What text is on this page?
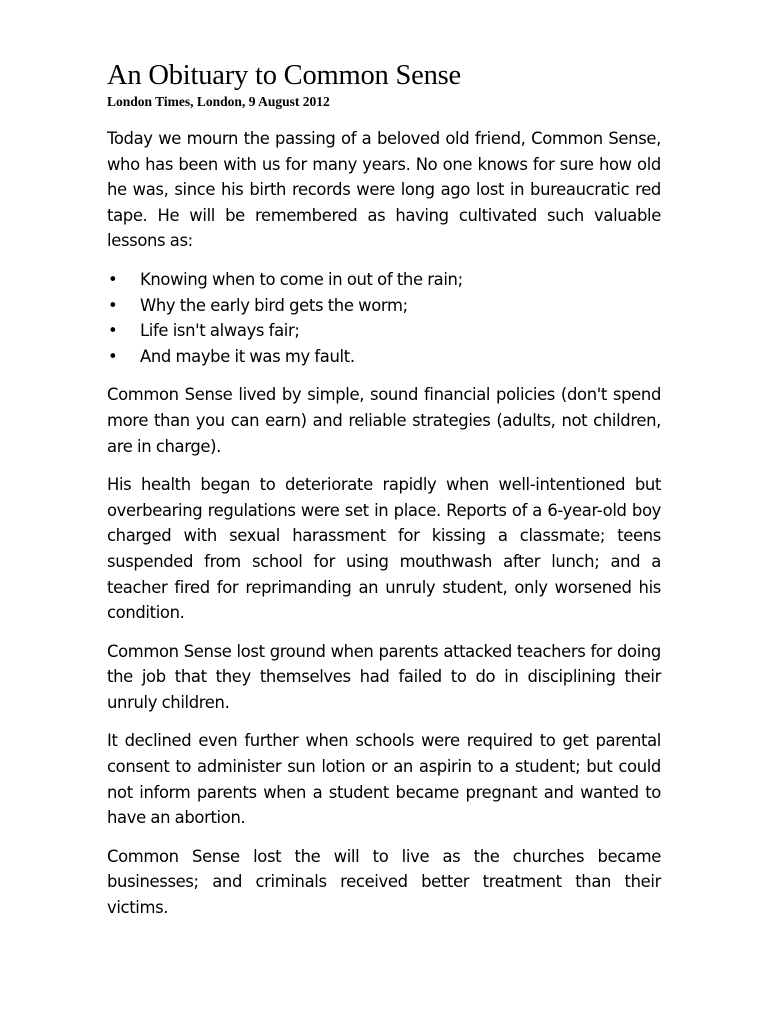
An Obituary to Common Sense
London Times, London, 9 August 2012

Today we mourn the passing of a beloved old friend, Common Sense, who has been with us for many years. No one knows for sure how old he was, since his birth records were long ago lost in bureaucratic red tape. He will be remembered as having cultivated such valuable lessons as:

• Knowing when to come in out of the rain;
• Why the early bird gets the worm;
• Life isn't always fair;
• And maybe it was my fault.

Common Sense lived by simple, sound financial policies (don't spend more than you can earn) and reliable strategies (adults, not children, are in charge).

His health began to deteriorate rapidly when well-intentioned but overbearing regulations were set in place. Reports of a 6-year-old boy charged with sexual harassment for kissing a classmate; teens suspended from school for using mouthwash after lunch; and a teacher fired for reprimanding an unruly student, only worsened his condition.

Common Sense lost ground when parents attacked teachers for doing the job that they themselves had failed to do in disciplining their unruly children.

It declined even further when schools were required to get parental consent to administer sun lotion or an aspirin to a student; but could not inform parents when a student became pregnant and wanted to have an abortion.

Common Sense lost the will to live as the churches became businesses; and criminals received better treatment than their victims.
